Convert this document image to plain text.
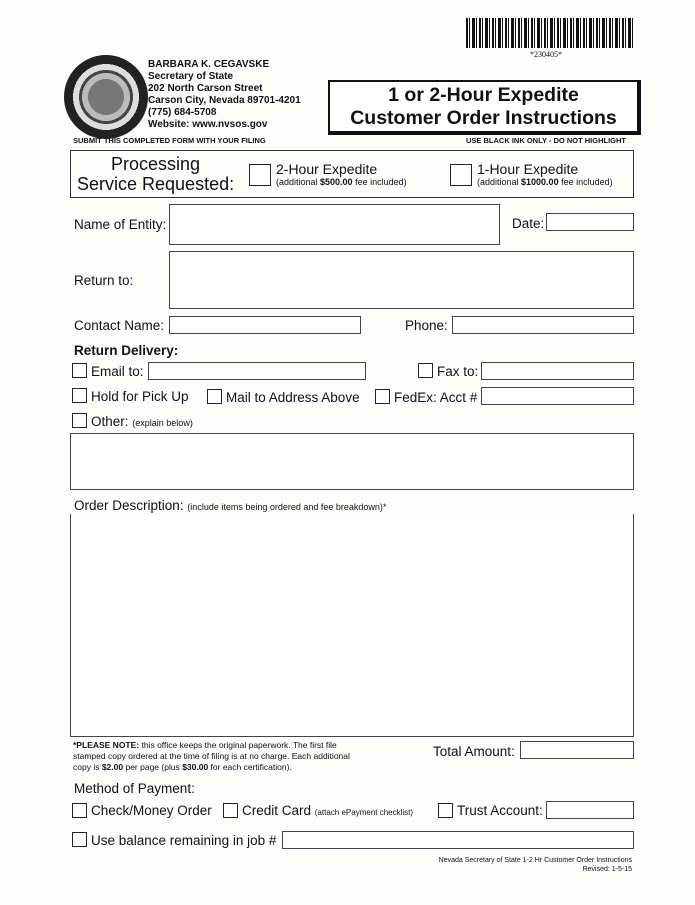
*230405*
BARBARA K. CEGAVSKE
Secretary of State
202 North Carson Street
Carson City, Nevada 89701-4201
(775) 684-5708
Website: www.nvsos.gov
1 or 2-Hour Expedite
Customer Order Instructions
SUBMIT THIS COMPLETED FORM WITH YOUR FILING	USE BLACK INK ONLY - DO NOT HIGHLIGHT
Processing
Service Requested:
2-Hour Expedite
(additional $500.00 fee included)
1-Hour Expedite
(additional $1000.00 fee included)
Name of Entity:	Date:
Return to:
Contact Name:	Phone:
Return Delivery:
Email to:	Fax to:
Hold for Pick Up	Mail to Address Above	FedEx: Acct #
Other: (explain below)
Order Description: (include items being ordered and fee breakdown)*
*PLEASE NOTE: this office keeps the original paperwork. The first file
stamped copy ordered at the time of filing is at no charge. Each additional
copy is $2.00 per page (plus $30.00 for each certification).
Total Amount:
Method of Payment:
Check/Money Order Credit Card (attach ePayment checklist)	Trust Account:
Use balance remaining in job #
Nevada Secretary of State 1-2 Hr Customer Order Instructions
Revised: 1-5-15
